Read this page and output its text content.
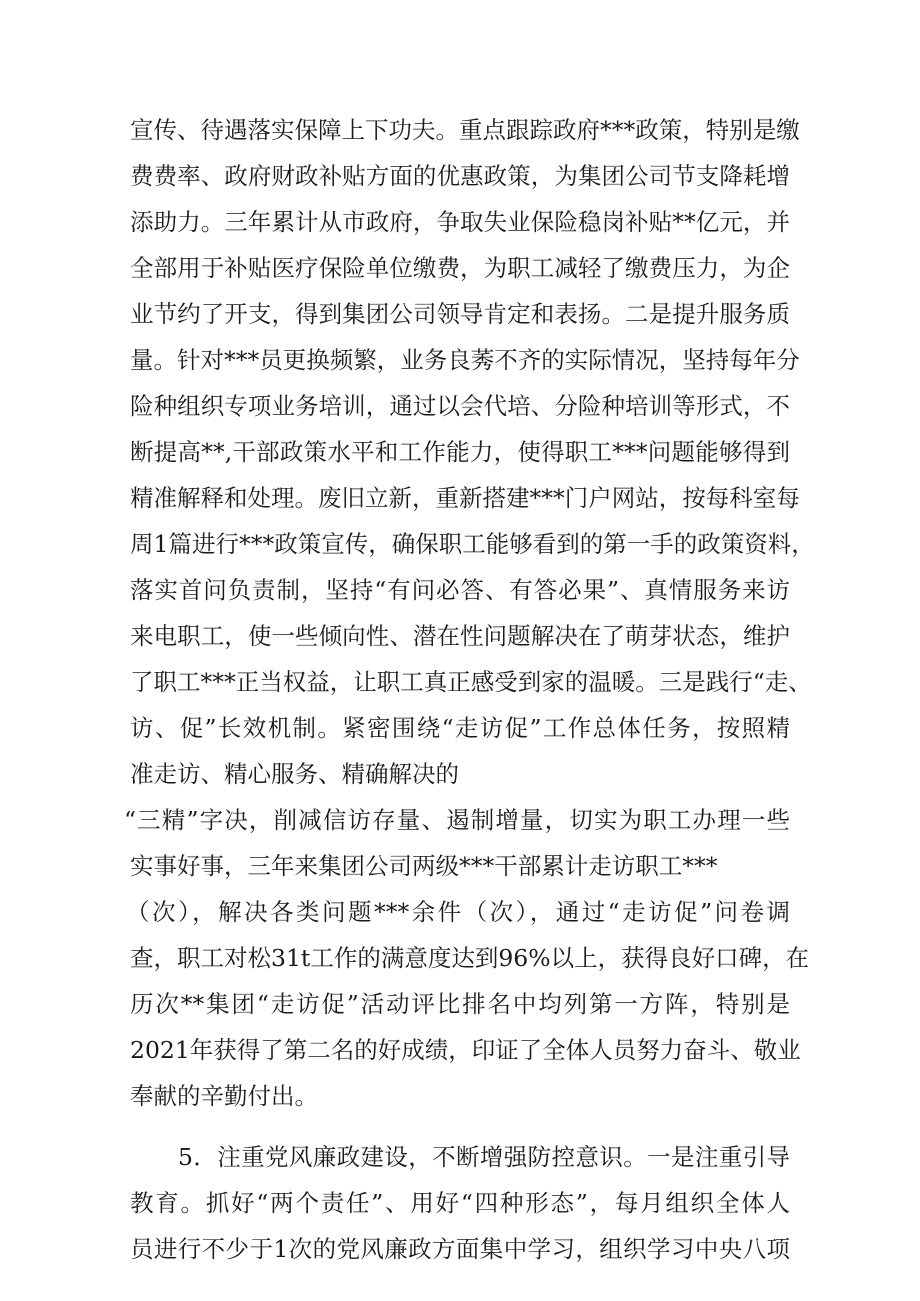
宣传、待遇落实保障上下功夫。重点跟踪政府***政策，特别是缴
费费率、政府财政补贴方面的优惠政策，为集团公司节支降耗增
添助力。三年累计从市政府，争取失业保险稳岗补贴**亿元，并
全部用于补贴医疗保险单位缴费，为职工减轻了缴费压力，为企
业节约了开支，得到集团公司领导肯定和表扬。二是提升服务质
量。针对***员更换频繁，业务良莠不齐的实际情况，坚持每年分
险种组织专项业务培训，通过以会代培、分险种培训等形式，不
断提高**,干部政策水平和工作能力，使得职工***问题能够得到
精准解释和处理。废旧立新，重新搭建***门户网站，按每科室每
周1篇进行***政策宣传，确保职工能够看到的第一手的政策资料，
落实首问负责制，坚持“有问必答、有答必果”、真情服务来访
来电职工，使一些倾向性、潜在性问题解决在了萌芽状态，维护
了职工***正当权益，让职工真正感受到家的温暖。三是践行“走、
访、促”长效机制。紧密围绕“走访促”工作总体任务，按照精
准走访、精心服务、精确解决的
“三精”字决，削减信访存量、遏制增量，切实为职工办理一些
实事好事，三年来集团公司两级***干部累计走访职工***
（次），解决各类问题***余件（次），通过“走访促”问卷调
查，职工对松31t工作的满意度达到96%以上，获得良好口碑，在
历次**集团“走访促”活动评比排名中均列第一方阵，特别是
2021年获得了第二名的好成绩，印证了全体人员努力奋斗、敬业
奉献的辛勤付出。
5．注重党风廉政建设，不断增强防控意识。一是注重引导
教育。抓好“两个责任”、用好“四种形态”，每月组织全体人
员进行不少于1次的党风廉政方面集中学习，组织学习中央八项
